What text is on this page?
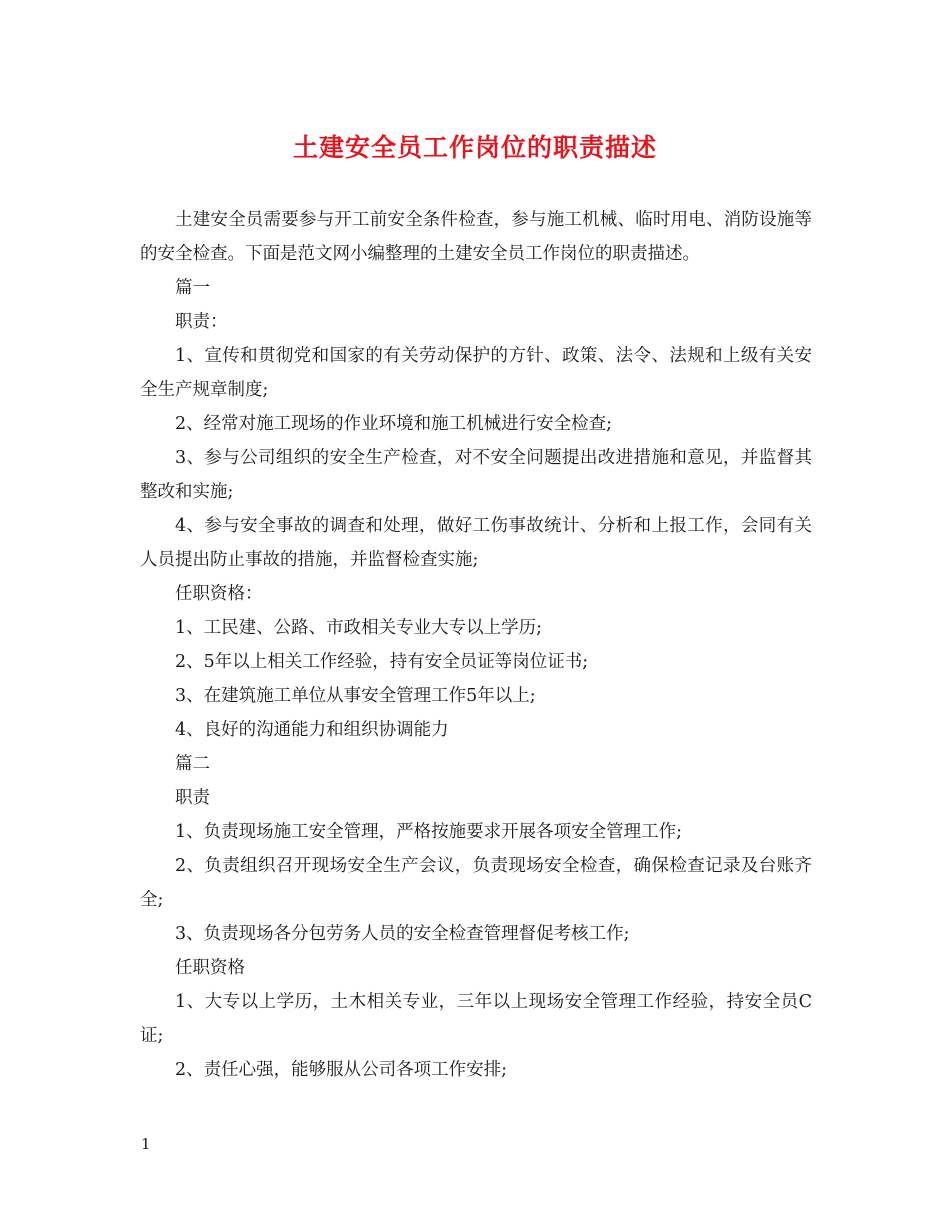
土建安全员工作岗位的职责描述

土建安全员需要参与开工前安全条件检查，参与施工机械、临时用电、消防设施等的安全检查。下面是范文网小编整理的土建安全员工作岗位的职责描述。

篇一

职责：

1、宣传和贯彻党和国家的有关劳动保护的方针、政策、法令、法规和上级有关安全生产规章制度;

2、经常对施工现场的作业环境和施工机械进行安全检查;

3、参与公司组织的安全生产检查，对不安全问题提出改进措施和意见，并监督其整改和实施;

4、参与安全事故的调查和处理，做好工伤事故统计、分析和上报工作，会同有关人员提出防止事故的措施，并监督检查实施;

任职资格：

1、工民建、公路、市政相关专业大专以上学历;

2、5年以上相关工作经验，持有安全员证等岗位证书;

3、在建筑施工单位从事安全管理工作5年以上;

4、良好的沟通能力和组织协调能力

篇二

职责

1、负责现场施工安全管理，严格按施要求开展各项安全管理工作;

2、负责组织召开现场安全生产会议，负责现场安全检查，确保检查记录及台账齐全;

3、负责现场各分包劳务人员的安全检查管理督促考核工作;

任职资格

1、大专以上学历，土木相关专业，三年以上现场安全管理工作经验，持安全员C证;

2、责任心强，能够服从公司各项工作安排;

1
